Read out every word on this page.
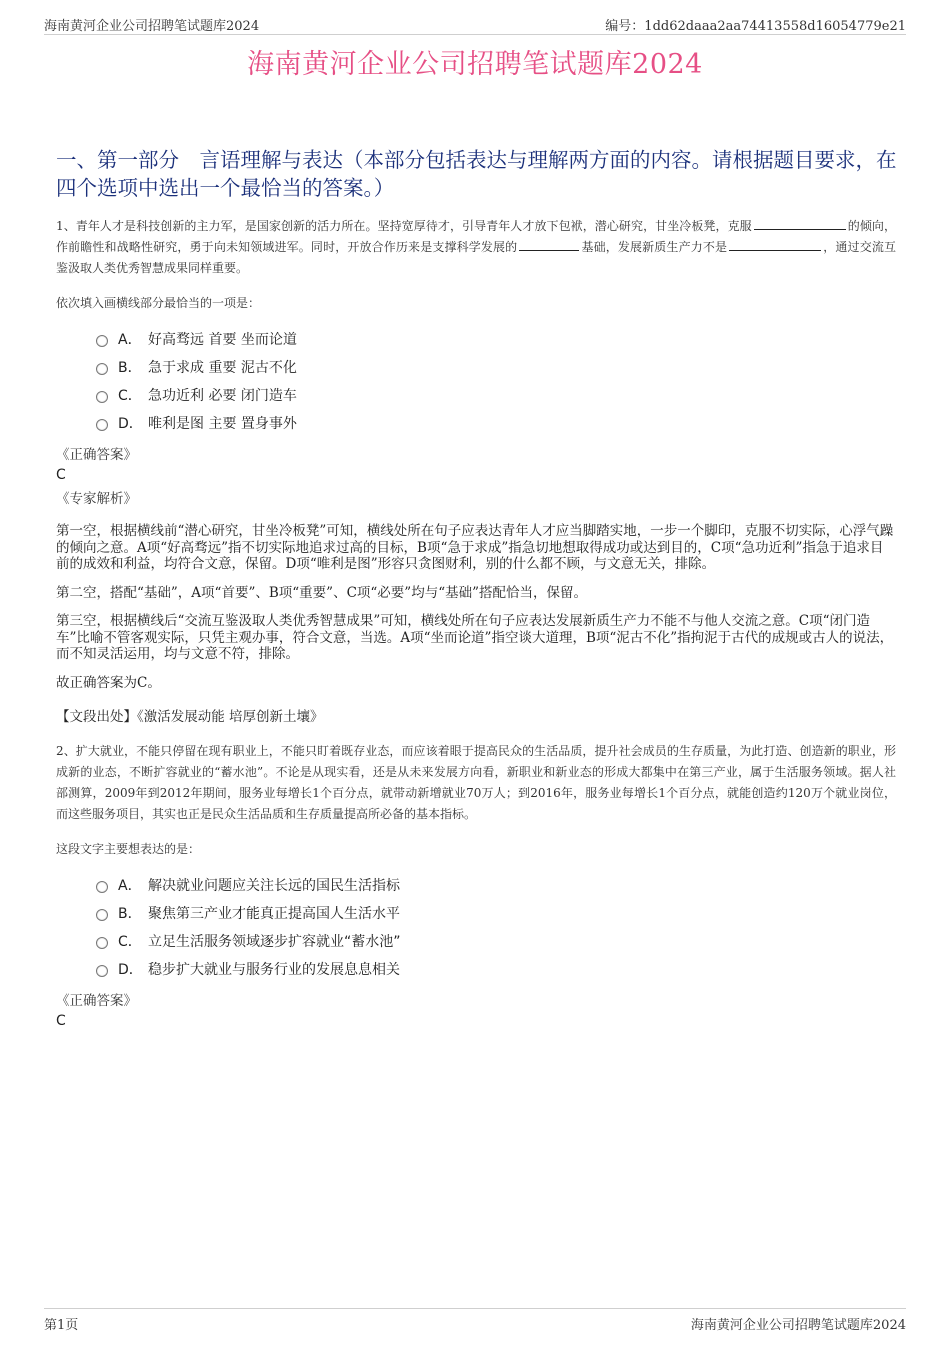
海南黄河企业公司招聘笔试题库2024	编号：1dd62daaa2aa74413558d16054779e21
海南黄河企业公司招聘笔试题库2024
一、第一部分　言语理解与表达（本部分包括表达与理解两方面的内容。请根据题目要求，在四个选项中选出一个最恰当的答案。）
1、青年人才是科技创新的主力军，是国家创新的活力所在。坚持宽厚待才，引导青年人才放下包袱，潜心研究，甘坐冷板凳，克服	的倾向，作前瞻性和战略性研究，勇于向未知领域进军。同时，开放合作历来是支撑科学发展的	基础，发展新质生产力不是	，通过交流互鉴汲取人类优秀智慧成果同样重要。
依次填入画横线部分最恰当的一项是：
A． 好高骛远 首要 坐而论道
B． 急于求成 重要 泥古不化
C． 急功近利 必要 闭门造车
D． 唯利是图 主要 置身事外
《正确答案》
C
《专家解析》
第一空，根据横线前“潜心研究，甘坐冷板凳”可知，横线处所在句子应表达青年人才应当脚踏实地，一步一个脚印，克服不切实际，心浮气躁的倾向之意。A项“好高骛远”指不切实际地追求过高的目标，B项“急于求成”指急切地想取得成功或达到目的，C项“急功近利”指急于追求目前的成效和利益，均符合文意，保留。D项“唯利是图”形容只贪图财利，别的什么都不顾，与文意无关，排除。
第二空，搭配“基础”，A项“首要”、B项“重要”、C项“必要”均与“基础”搭配恰当，保留。
第三空，根据横线后“交流互鉴汲取人类优秀智慧成果”可知，横线处所在句子应表达发展新质生产力不能不与他人交流之意。C项“闭门造车”比喻不管客观实际，只凭主观办事，符合文意，当选。A项“坐而论道”指空谈大道理，B项“泥古不化”指拘泥于古代的成规或古人的说法，而不知灵活运用，均与文意不符，排除。
故正确答案为C。
【文段出处】《激活发展动能 培厚创新土壤》
2、扩大就业，不能只停留在现有职业上，不能只盯着既存业态，而应该着眼于提高民众的生活品质，提升社会成员的生存质量，为此打造、创造新的职业，形成新的业态，不断扩容就业的“蓄水池”。不论是从现实看，还是从未来发展方向看，新职业和新业态的形成大都集中在第三产业，属于生活服务领域。据人社部测算，2009年到2012年期间，服务业每增长1个百分点，就带动新增就业70万人；到2016年，服务业每增长1个百分点，就能创造约120万个就业岗位，而这些服务项目，其实也正是民众生活品质和生存质量提高所必备的基本指标。
这段文字主要想表达的是：
A． 解决就业问题应关注长远的国民生活指标
B． 聚焦第三产业才能真正提高国人生活水平
C． 立足生活服务领域逐步扩容就业“蓄水池”
D． 稳步扩大就业与服务行业的发展息息相关
《正确答案》
C
第1页	海南黄河企业公司招聘笔试题库2024
